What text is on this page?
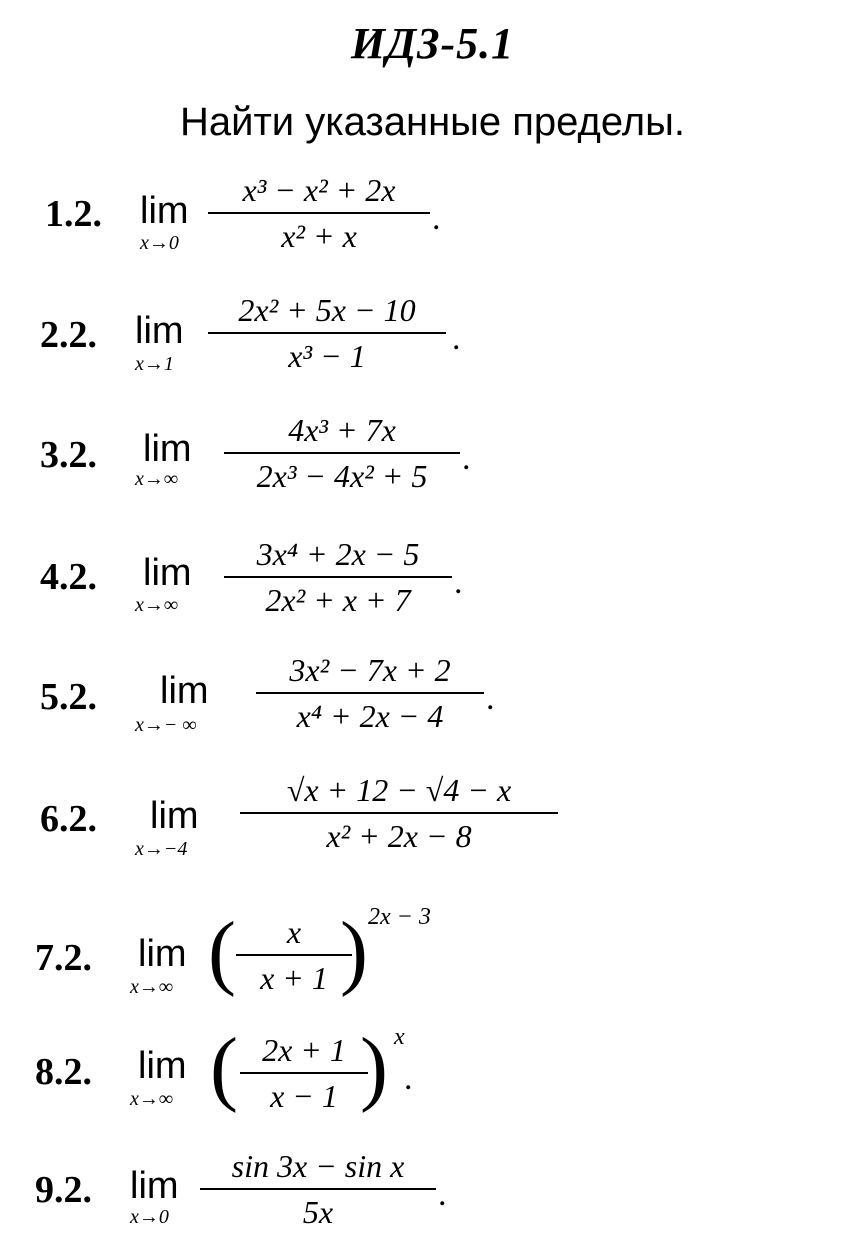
ИДЗ-5.1
Найти указанные пределы.
1.2. lim
x→0
x³ − x² + 2x
x² + x	.
2.2. lim
x→1
2x² + 5x − 10
x³ − 1	.
3.2. lim
x→∞
4x³ + 7x
2x³ − 4x² + 5	.
4.2. lim
x→∞
3x⁴ + 2x − 5
2x² + x + 7	.
5.2. lim
x→− ∞
3x² − 7x + 2
x⁴ + 2x − 4	.
6.2. lim
x→−4
√x + 12 − √4 − x
x² + 2x − 8
7.2. lim
x→∞ (	x
x + 1 ) 2x − 3
8.2. lim
x→∞ ( 2x + 1
x − 1 ) x
.
9.2. lim
x→0
sin 3x − sin x
5x	.
